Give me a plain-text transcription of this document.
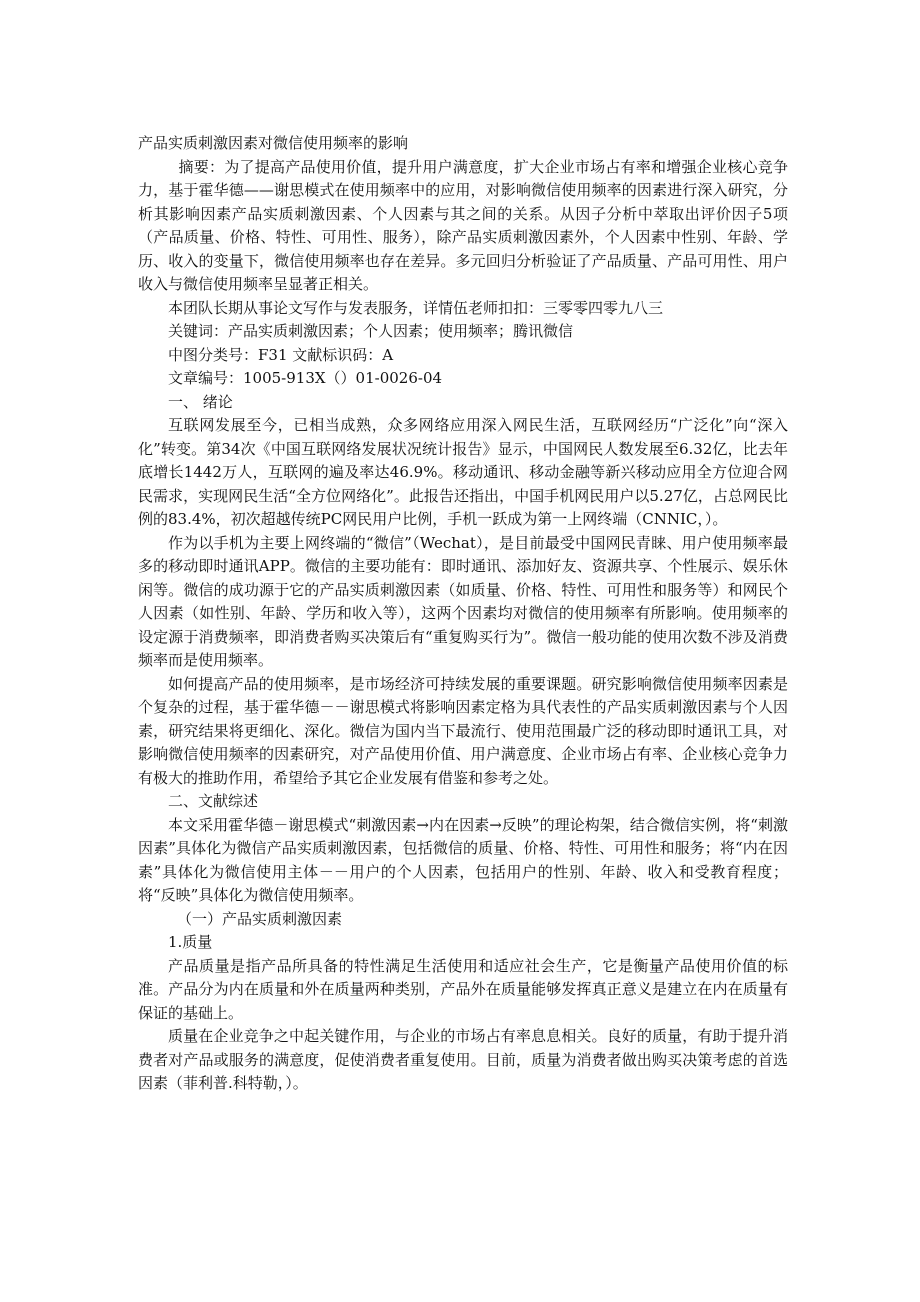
产品实质刺激因素对微信使用频率的影响

摘要：为了提高产品使用价值，提升用户满意度，扩大企业市场占有率和增强企业核心竞争力，基于霍华德——谢思模式在使用频率中的应用，对影响微信使用频率的因素进行深入研究，分析其影响因素产品实质刺激因素、个人因素与其之间的关系。从因子分析中萃取出评价因子5项（产品质量、价格、特性、可用性、服务），除产品实质刺激因素外，个人因素中性别、年龄、学历、收入的变量下，微信使用频率也存在差异。多元回归分析验证了产品质量、产品可用性、用户收入与微信使用频率呈显著正相关。

本团队长期从事论文写作与发表服务，详情伍老师扣扣：三零零四零九八三

关键词：产品实质刺激因素；个人因素；使用频率；腾讯微信

中图分类号：F31 文献标识码：A

文章编号：1005-913X（）01-0026-04

一、 绪论

互联网发展至今，已相当成熟，众多网络应用深入网民生活，互联网经历“广泛化”向“深入化”转变。第34次《中国互联网络发展状况统计报告》显示，中国网民人数发展至6.32亿，比去年底增长1442万人，互联网的遍及率达46.9%。移动通讯、移动金融等新兴移动应用全方位迎合网民需求，实现网民生活“全方位网络化”。此报告还指出，中国手机网民用户以5.27亿，占总网民比例的83.4%，初次超越传统PC网民用户比例，手机一跃成为第一上网终端（CNNIC，）。

作为以手机为主要上网终端的“微信”（Wechat），是目前最受中国网民青睐、用户使用频率最多的移动即时通讯APP。微信的主要功能有：即时通讯、添加好友、资源共享、个性展示、娱乐休闲等。微信的成功源于它的产品实质刺激因素（如质量、价格、特性、可用性和服务等）和网民个人因素（如性别、年龄、学历和收入等），这两个因素均对微信的使用频率有所影响。使用频率的设定源于消费频率，即消费者购买决策后有“重复购买行为”。微信一般功能的使用次数不涉及消费频率而是使用频率。

如何提高产品的使用频率，是市场经济可持续发展的重要课题。研究影响微信使用频率因素是个复杂的过程，基于霍华德－－谢思模式将影响因素定格为具代表性的产品实质刺激因素与个人因素，研究结果将更细化、深化。微信为国内当下最流行、使用范围最广泛的移动即时通讯工具，对影响微信使用频率的因素研究，对产品使用价值、用户满意度、企业市场占有率、企业核心竞争力有极大的推助作用，希望给予其它企业发展有借鉴和参考之处。

二、文献综述

本文采用霍华德－谢思模式“刺激因素→内在因素→反映”的理论构架，结合微信实例，将“刺激因素”具体化为微信产品实质刺激因素，包括微信的质量、价格、特性、可用性和服务；将“内在因素”具体化为微信使用主体－－用户的个人因素，包括用户的性别、年龄、收入和受教育程度；将“反映”具体化为微信使用频率。

（一）产品实质刺激因素

1.质量

产品质量是指产品所具备的特性满足生活使用和适应社会生产，它是衡量产品使用价值的标准。产品分为内在质量和外在质量两种类别，产品外在质量能够发挥真正意义是建立在内在质量有保证的基础上。

质量在企业竞争之中起关键作用，与企业的市场占有率息息相关。良好的质量，有助于提升消费者对产品或服务的满意度，促使消费者重复使用。目前，质量为消费者做出购买决策考虑的首选因素（菲利普.科特勒，）。
